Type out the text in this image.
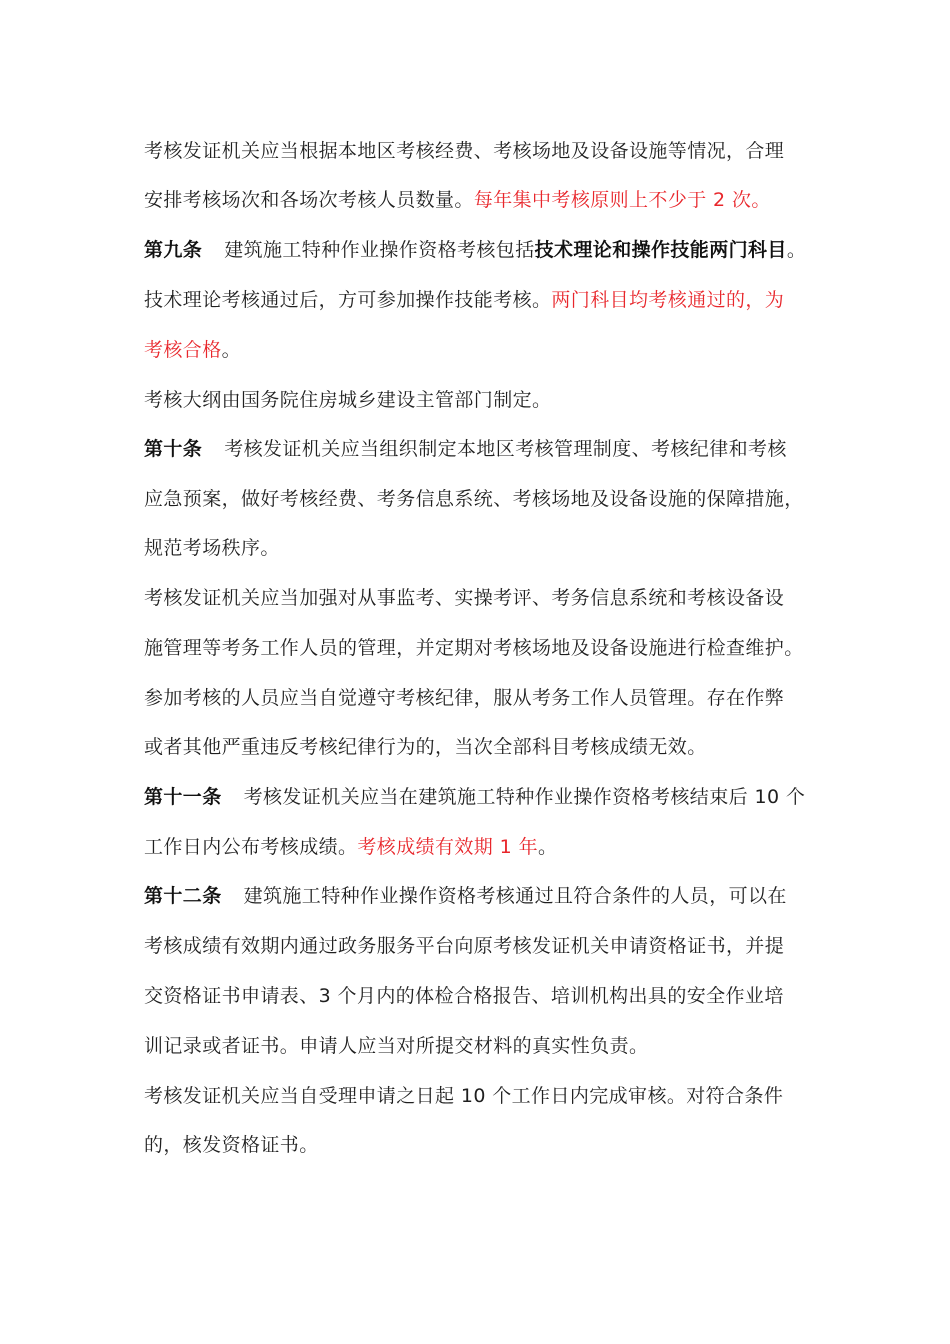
考核发证机关应当根据本地区考核经费、考核场地及设备设施等情况，合理
安排考核场次和各场次考核人员数量。每年集中考核原则上不少于 2 次。
第九条 建筑施工特种作业操作资格考核包括技术理论和操作技能两门科目。
技术理论考核通过后，方可参加操作技能考核。两门科目均考核通过的，为
考核合格。
考核大纲由国务院住房城乡建设主管部门制定。
第十条 考核发证机关应当组织制定本地区考核管理制度、考核纪律和考核
应急预案，做好考核经费、考务信息系统、考核场地及设备设施的保障措施，
规范考场秩序。
考核发证机关应当加强对从事监考、实操考评、考务信息系统和考核设备设
施管理等考务工作人员的管理，并定期对考核场地及设备设施进行检查维护。
参加考核的人员应当自觉遵守考核纪律，服从考务工作人员管理。存在作弊
或者其他严重违反考核纪律行为的，当次全部科目考核成绩无效。
第十一条 考核发证机关应当在建筑施工特种作业操作资格考核结束后 10 个
工作日内公布考核成绩。考核成绩有效期 1 年。
第十二条 建筑施工特种作业操作资格考核通过且符合条件的人员，可以在
考核成绩有效期内通过政务服务平台向原考核发证机关申请资格证书，并提
交资格证书申请表、3 个月内的体检合格报告、培训机构出具的安全作业培
训记录或者证书。申请人应当对所提交材料的真实性负责。
考核发证机关应当自受理申请之日起 10 个工作日内完成审核。对符合条件
的，核发资格证书。
